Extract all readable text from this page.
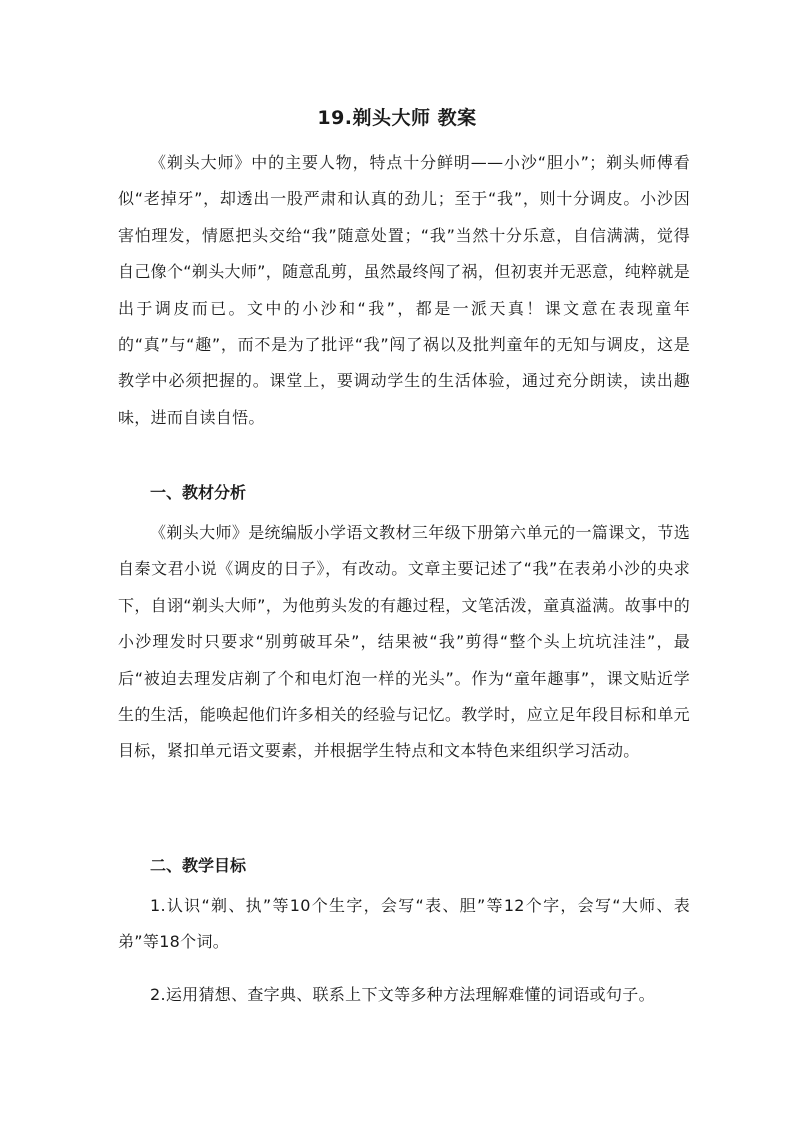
19.剃头大师 教案

《剃头大师》中的主要人物，特点十分鲜明——小沙“胆小”；剃头师傅看似“老掉牙”，却透出一股严肃和认真的劲儿；至于“我”，则十分调皮。小沙因害怕理发，情愿把头交给“我”随意处置；“我”当然十分乐意，自信满满，觉得自己像个“剃头大师”，随意乱剪，虽然最终闯了祸，但初衷并无恶意，纯粹就是出于调皮而已。文中的小沙和“我”，都是一派天真！课文意在表现童年的“真”与“趣”，而不是为了批评“我”闯了祸以及批判童年的无知与调皮，这是教学中必须把握的。课堂上，要调动学生的生活体验，通过充分朗读，读出趣味，进而自读自悟。

一、教材分析

《剃头大师》是统编版小学语文教材三年级下册第六单元的一篇课文，节选自秦文君小说《调皮的日子》，有改动。文章主要记述了“我”在表弟小沙的央求下，自诩“剃头大师”，为他剪头发的有趣过程，文笔活泼，童真溢满。故事中的小沙理发时只要求“别剪破耳朵”，结果被“我”剪得“整个头上坑坑洼洼”，最后“被迫去理发店剃了个和电灯泡一样的光头”。作为“童年趣事”，课文贴近学生的生活，能唤起他们许多相关的经验与记忆。教学时，应立足年段目标和单元目标，紧扣单元语文要素，并根据学生特点和文本特色来组织学习活动。

二、教学目标

1.认识“剃、执”等10个生字，会写“表、胆”等12个字，会写“大师、表弟”等18个词。

2.运用猜想、查字典、联系上下文等多种方法理解难懂的词语或句子。
